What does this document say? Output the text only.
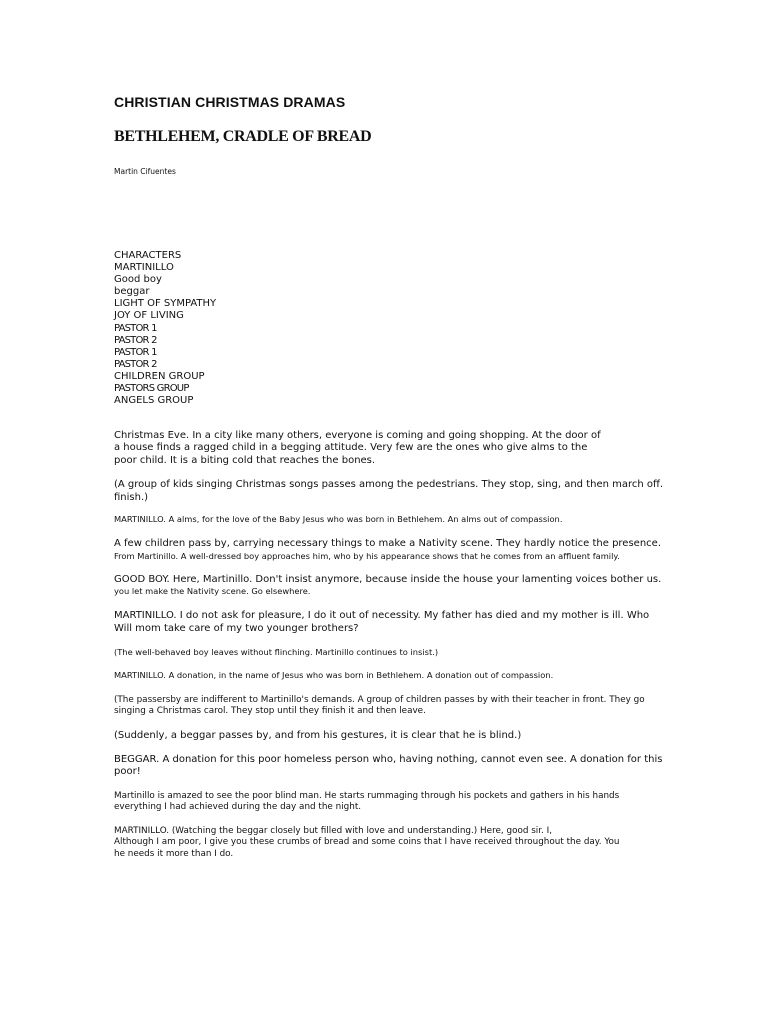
CHRISTIAN CHRISTMAS DRAMAS
BETHLEHEM, CRADLE OF BREAD

Martin Cifuentes

CHARACTERS
MARTINILLO
Good boy
beggar
LIGHT OF SYMPATHY
JOY OF LIVING
PASTOR 1
PASTOR 2
PASTOR 1
PASTOR 2
CHILDREN GROUP
PASTORS GROUP
ANGELS GROUP

Christmas Eve. In a city like many others, everyone is coming and going shopping. At the door of
a house finds a ragged child in a begging attitude. Very few are the ones who give alms to the
poor child. It is a biting cold that reaches the bones.

(A group of kids singing Christmas songs passes among the pedestrians. They stop, sing, and then march off.
finish.)

MARTINILLO. A alms, for the love of the Baby Jesus who was born in Bethlehem. An alms out of compassion.

A few children pass by, carrying necessary things to make a Nativity scene. They hardly notice the presence.
From Martinillo. A well-dressed boy approaches him, who by his appearance shows that he comes from an affluent family.

GOOD BOY. Here, Martinillo. Don't insist anymore, because inside the house your lamenting voices bother us.
you let make the Nativity scene. Go elsewhere.

MARTINILLO. I do not ask for pleasure, I do it out of necessity. My father has died and my mother is ill. Who
Will mom take care of my two younger brothers?

(The well-behaved boy leaves without flinching. Martinillo continues to insist.)

MARTINILLO. A donation, in the name of Jesus who was born in Bethlehem. A donation out of compassion.

(The passersby are indifferent to Martinillo's demands. A group of children passes by with their teacher in front. They go
singing a Christmas carol. They stop until they finish it and then leave.

(Suddenly, a beggar passes by, and from his gestures, it is clear that he is blind.)

BEGGAR. A donation for this poor homeless person who, having nothing, cannot even see. A donation for this
poor!

Martinillo is amazed to see the poor blind man. He starts rummaging through his pockets and gathers in his hands
everything I had achieved during the day and the night.

MARTINILLO. (Watching the beggar closely but filled with love and understanding.) Here, good sir. I,
Although I am poor, I give you these crumbs of bread and some coins that I have received throughout the day. You
he needs it more than I do.
